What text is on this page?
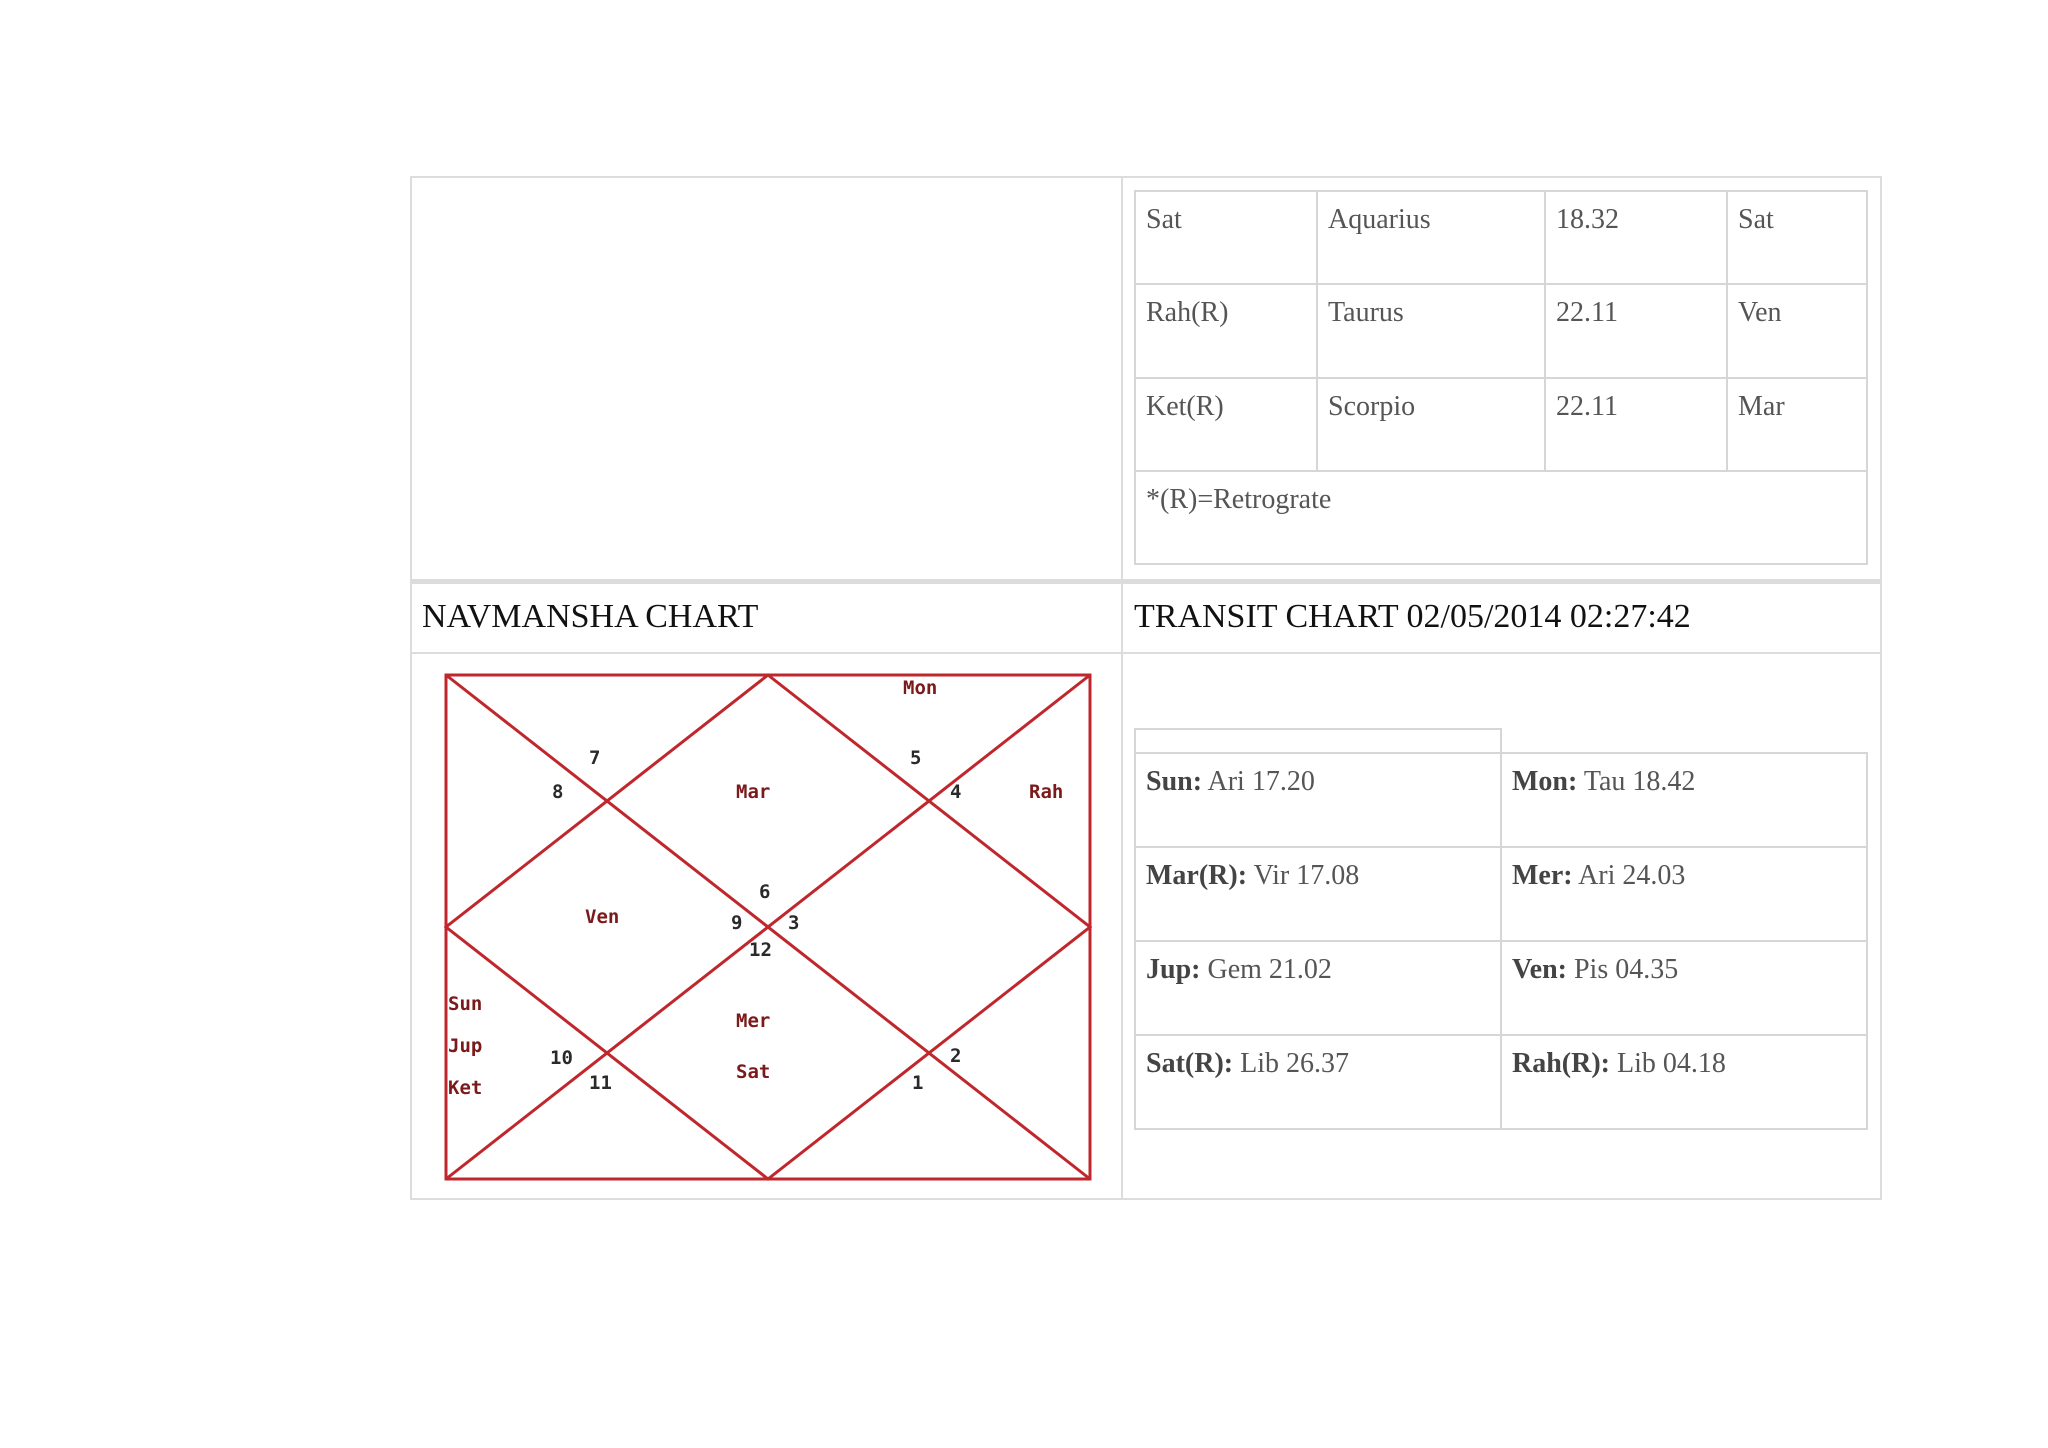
Sat	Aquarius	18.32	Sat
Rah(R)	Taurus	22.11	Ven
Ket(R)	Scorpio	22.11	Mar
*(R)=Retrograte			
NAVMANSHA CHART	TRANSIT CHART 02/05/2014 02:27:42
7
8
5
4
6
9 3
12
10
11
2
1
Mon
Mar	Rah
Ven
Mer
Sat
Sun
Jup
Ket
Sun: Ari 17.20	Mon: Tau 18.42
Mar(R): Vir 17.08	Mer: Ari 24.03
Jup: Gem 21.02	Ven: Pis 04.35
Sat(R): Lib 26.37	Rah(R): Lib 04.18
